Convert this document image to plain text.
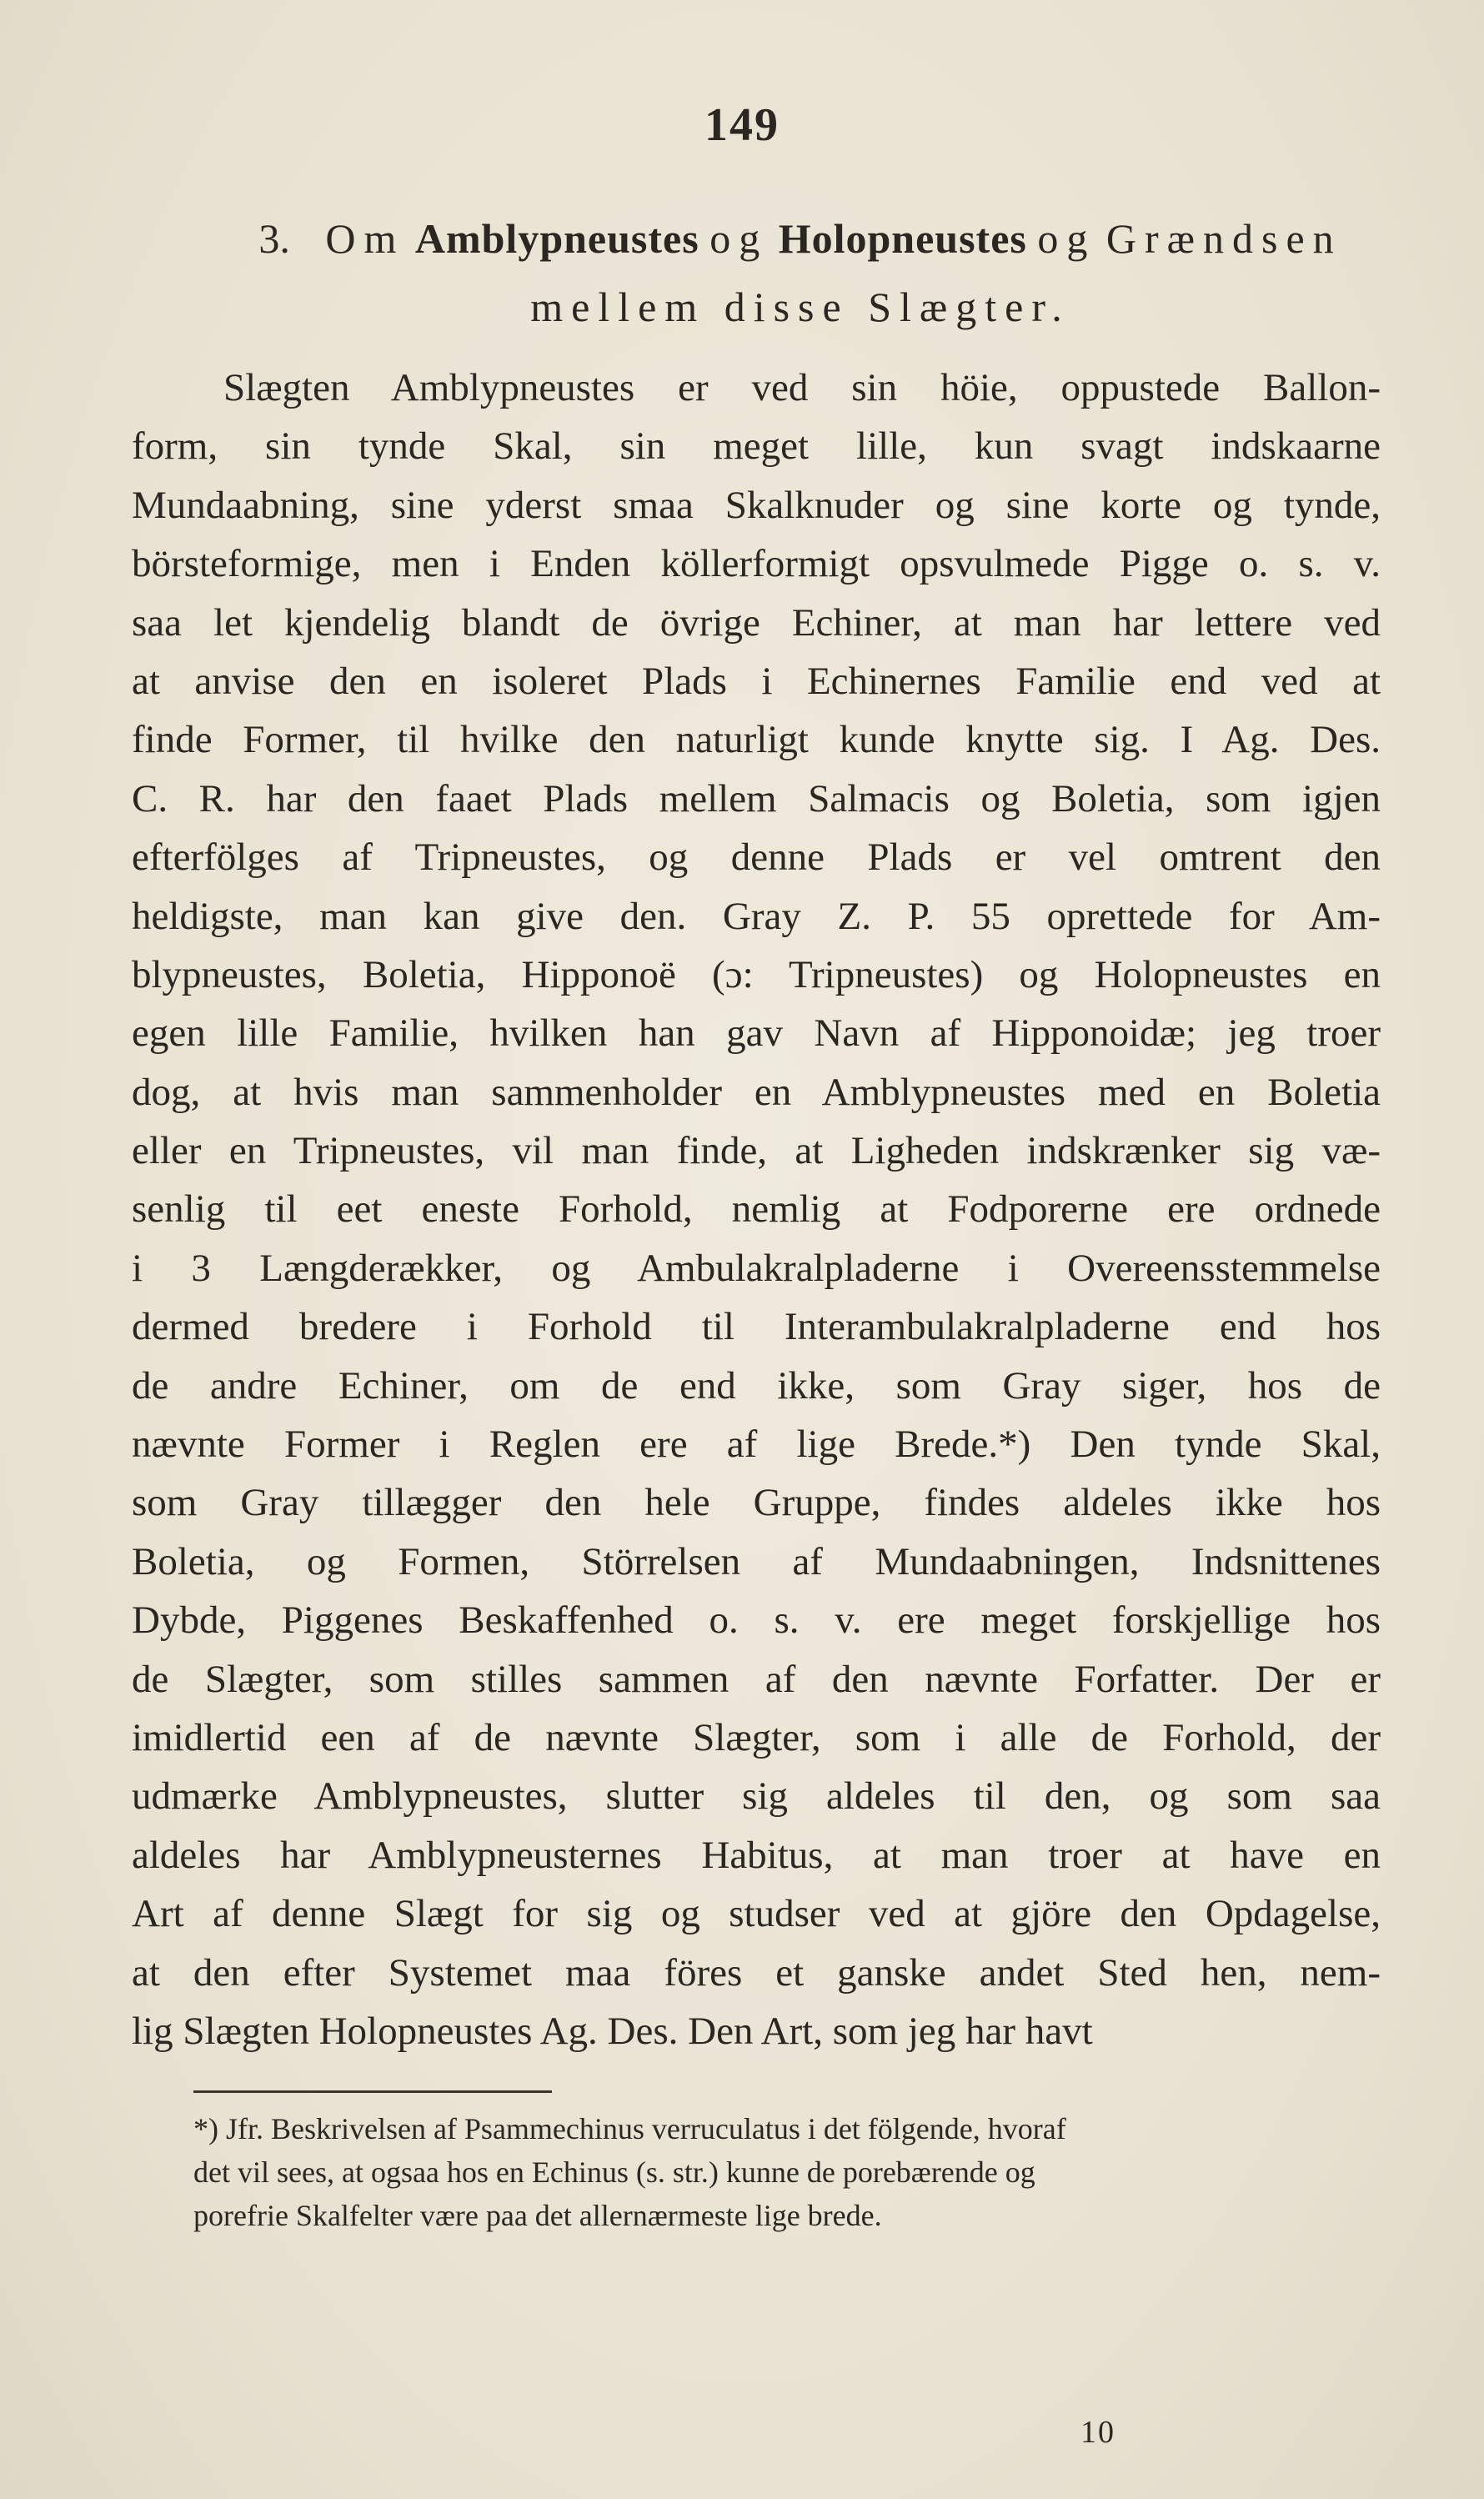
149
3. Om Amblypneustes og Holopneustes og Grændsen
mellem disse Slægter.
Slægten Amblypneustes er ved sin höie, oppustede Ballon-
form, sin tynde Skal, sin meget lille, kun svagt indskaarne
Mundaabning, sine yderst smaa Skalknuder og sine korte og tynde,
börsteformige, men i Enden köllerformigt opsvulmede Pigge o. s. v.
saa let kjendelig blandt de övrige Echiner, at man har lettere ved
at anvise den en isoleret Plads i Echinernes Familie end ved at
finde Former, til hvilke den naturligt kunde knytte sig. I Ag. Des.
C. R. har den faaet Plads mellem Salmacis og Boletia, som igjen
efterfölges af Tripneustes, og denne Plads er vel omtrent den
heldigste, man kan give den. Gray Z. P. 55 oprettede for Am-
blypneustes, Boletia, Hipponoë (ɔ: Tripneustes) og Holopneustes en
egen lille Familie, hvilken han gav Navn af Hipponoidæ; jeg troer
dog, at hvis man sammenholder en Amblypneustes med en Boletia
eller en Tripneustes, vil man finde, at Ligheden indskrænker sig væ-
senlig til eet eneste Forhold, nemlig at Fodporerne ere ordnede
i 3 Længderækker, og Ambulakralpladerne i Overeensstemmelse
dermed bredere i Forhold til Interambulakralpladerne end hos
de andre Echiner, om de end ikke, som Gray siger, hos de
nævnte Former i Reglen ere af lige Brede.*) Den tynde Skal,
som Gray tillægger den hele Gruppe, findes aldeles ikke hos
Boletia, og Formen, Störrelsen af Mundaabningen, Indsnittenes
Dybde, Piggenes Beskaffenhed o. s. v. ere meget forskjellige hos
de Slægter, som stilles sammen af den nævnte Forfatter. Der er
imidlertid een af de nævnte Slægter, som i alle de Forhold, der
udmærke Amblypneustes, slutter sig aldeles til den, og som saa
aldeles har Amblypneusternes Habitus, at man troer at have en
Art af denne Slægt for sig og studser ved at gjöre den Opdagelse,
at den efter Systemet maa föres et ganske andet Sted hen, nem-
lig Slægten Holopneustes Ag. Des. Den Art, som jeg har havt
*) Jfr. Beskrivelsen af Psammechinus verruculatus i det fölgende, hvoraf
det vil sees, at ogsaa hos en Echinus (s. str.) kunne de porebærende og
porefrie Skalfelter være paa det allernærmeste lige brede.
10
